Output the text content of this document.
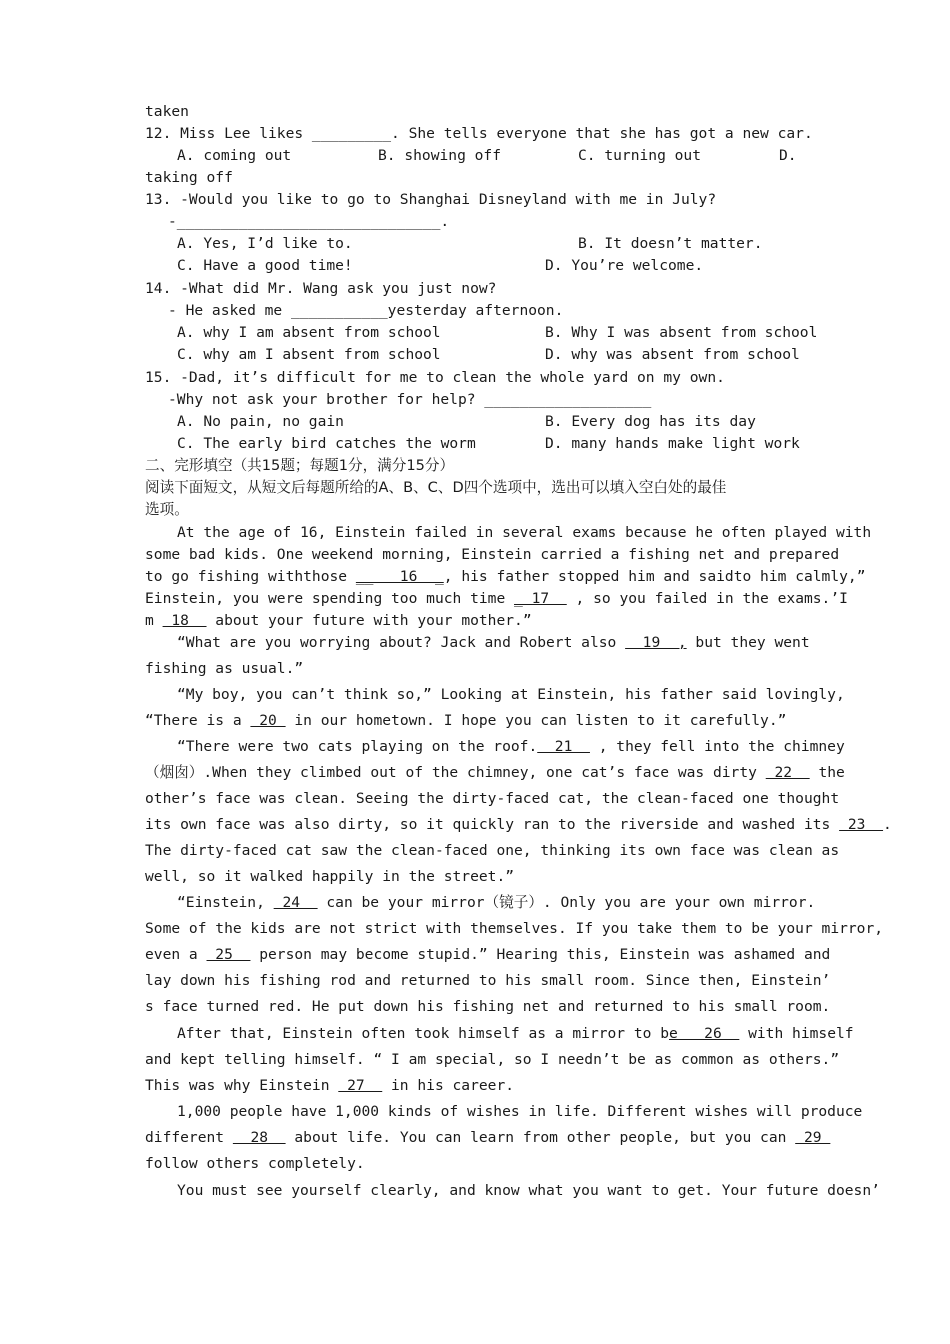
taken
12. Miss Lee likes _________. She tells everyone that she has got a new car.
A. coming out	B. showing off	C. turning out	D.
taking off
13. -Would you like to go to Shanghai Disneyland with me in July?
-______________________________.
A. Yes, I’d like to.	B. It doesn’t matter.
C. Have a good time!	D. You’re welcome.
14. -What did Mr. Wang ask you just now?
- He asked me ___________yesterday afternoon.
A. why I am absent from school	B. Why I was absent from school
C. why am I absent from school	D. why was absent from school
15. -Dad, it’s difficult for me to clean the whole yard on my own.
-Why not ask your brother for help? ___________________
A. No pain, no gain	B. Every dog has its day
C. The early bird catches the worm	D. many hands make light work
二、完形填空（共15题；每题1分，满分15分）
阅读下面短文，从短文后每题所给的A、B、C、D四个选项中，选出可以填入空白处的最佳
选项。
At the age of 16, Einstein failed in several exams because he often played with
some bad kids. One weekend morning, Einstein carried a fishing net and prepared
to go fishing withthose __   16  _, his father stopped him and saidto him calmly,”
Einstein, you were spending too much time _ 17   , so you failed in the exams.’I
m  18   about your future with your mother.”
“What are you worrying about? Jack and Robert also   19  , but they went
fishing as usual.”
“My boy, you can’t think so,” Looking at Einstein, his father said lovingly,
“There is a  20  in our hometown. I hope you can listen to it carefully.”
“There were two cats playing on the roof.  21   , they fell into the chimney
（烟囱）.When they climbed out of the chimney, one cat’s face was dirty  22   the
other’s face was clean. Seeing the dirty-faced cat, the clean-faced one thought
its own face was also dirty, so it quickly ran to the riverside and washed its  23  .
The dirty-faced cat saw the clean-faced one, thinking its own face was clean as
well, so it walked happily in the street.”
“Einstein,  24   can be your mirror（镜子）. Only you are your own mirror.
Some of the kids are not strict with themselves. If you take them to be your mirror,
even a  25   person may become stupid.” Hearing this, Einstein was ashamed and
lay down his fishing rod and returned to his small room. Since then, Einstein’
s face turned red. He put down his fishing net and returned to his small room.
After that, Einstein often took himself as a mirror to be   26   with himself
and kept telling himself. “ I am special, so I needn’t be as common as others.”
This was why Einstein  27   in his career.
1,000 people have 1,000 kinds of wishes in life. Different wishes will produce
different   28   about life. You can learn from other people, but you can  29
follow others completely.
You must see yourself clearly, and know what you want to get. Your future doesn’
